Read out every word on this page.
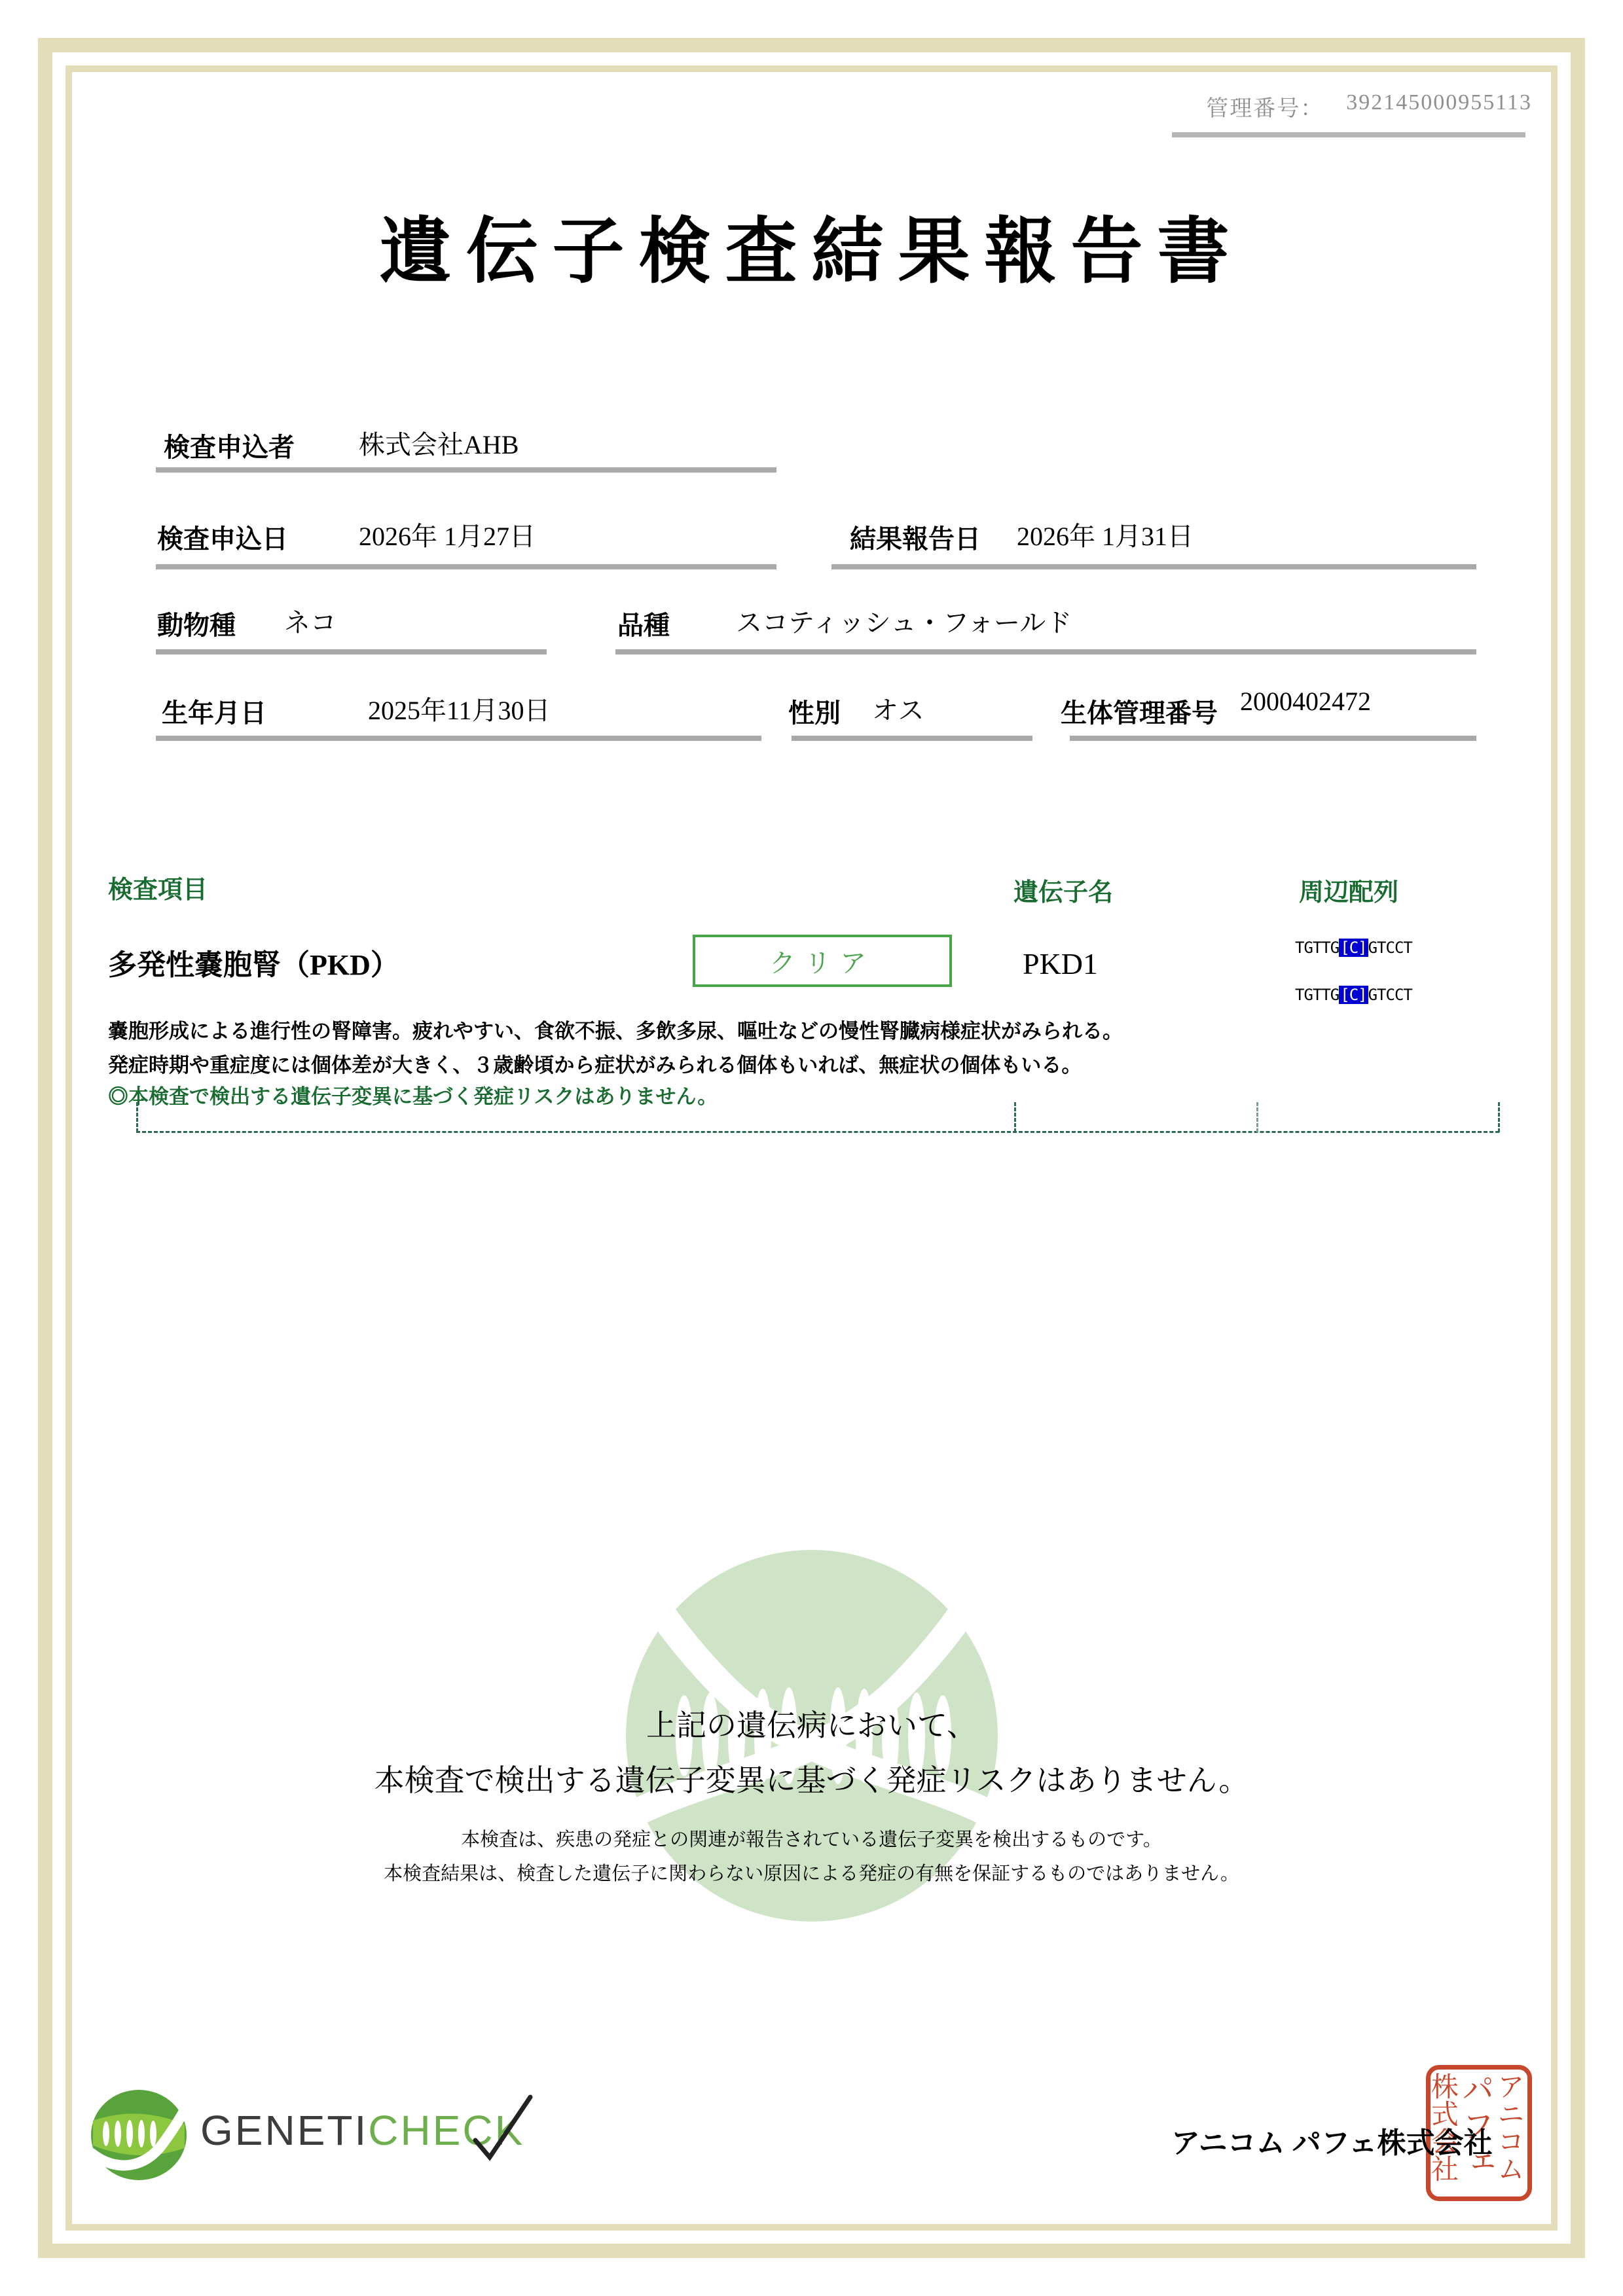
管理番号： 392145000955113
遺伝子検査結果報告書
検査申込者 株式会社AHB
検査申込日	2026年 1月27日	結果報告日 2026年 1月31日
動物種 ネコ	品種	スコティッシュ・フォールド
生年月日	2025年11月30日	性別 オス	生体管理番号 2000402472
検査項目	遺伝子名	周辺配列
多発性嚢胞腎（PKD）	クリア	PKD1	TGTTG[C]GTCCT
TGTTG[C]GTCCT
嚢胞形成による進行性の腎障害。疲れやすい、食欲不振、多飲多尿、嘔吐などの慢性腎臓病様症状がみられる。
発症時期や重症度には個体差が大きく、３歳齢頃から症状がみられる個体もいれば、無症状の個体もいる。
◎本検査で検出する遺伝子変異に基づく発症リスクはありません。
上記の遺伝病において、
本検査で検出する遺伝子変異に基づく発症リスクはありません。
本検査は、疾患の発症との関連が報告されている遺伝子変異を検出するものです。
本検査結果は、検査した遺伝子に関わらない原因による発症の有無を保証するものではありません。
GENETICHECK	アニコム パフェ株式会社 アニコム
パフェ
株式会社
